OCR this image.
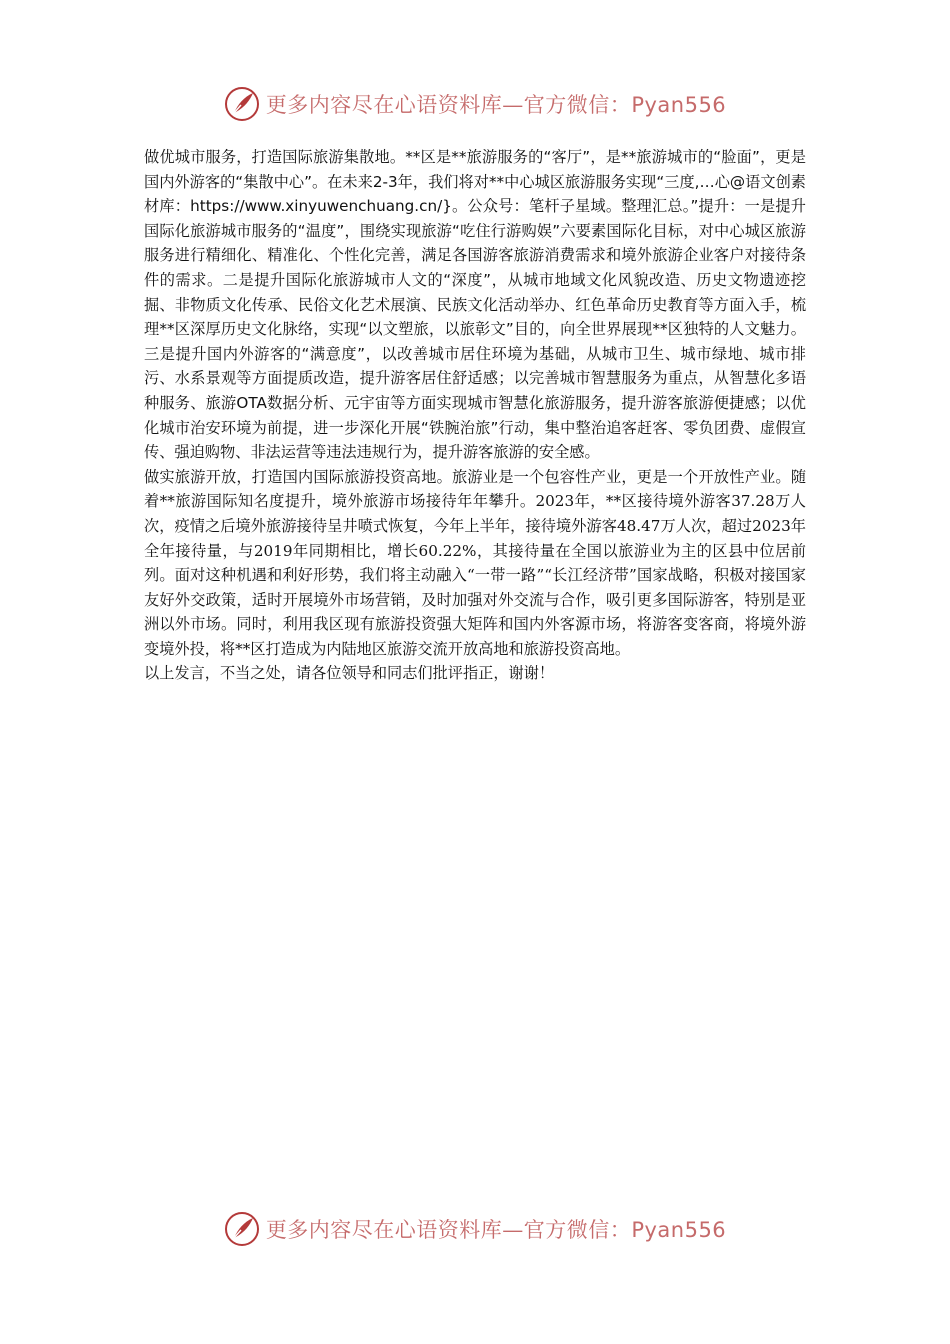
更多内容尽在心语资料库—官方微信：Pyan556

做优城市服务，打造国际旅游集散地。**区是**旅游服务的“客厅”，是**旅游城市的“脸面”，更是国内外游客的“集散中心”。在未来2-3年，我们将对**中心城区旅游服务实现“三度,…心@语文创素材库：https://www.xinyuwenchuang.cn/}。公众号：笔杆子星域。整理汇总。”提升：一是提升国际化旅游城市服务的“温度”，围绕实现旅游“吃住行游购娱”六要素国际化目标，对中心城区旅游服务进行精细化、精准化、个性化完善，满足各国游客旅游消费需求和境外旅游企业客户对接待条件的需求。二是提升国际化旅游城市人文的“深度”，从城市地域文化风貌改造、历史文物遗迹挖掘、非物质文化传承、民俗文化艺术展演、民族文化活动举办、红色革命历史教育等方面入手，梳理**区深厚历史文化脉络，实现“以文塑旅，以旅彰文”目的，向全世界展现**区独特的人文魅力。三是提升国内外游客的“满意度”，以改善城市居住环境为基础，从城市卫生、城市绿地、城市排污、水系景观等方面提质改造，提升游客居住舒适感；以完善城市智慧服务为重点，从智慧化多语种服务、旅游OTA数据分析、元宇宙等方面实现城市智慧化旅游服务，提升游客旅游便捷感；以优化城市治安环境为前提，进一步深化开展“铁腕治旅”行动，集中整治追客赶客、零负团费、虚假宣传、强迫购物、非法运营等违法违规行为，提升游客旅游的安全感。

做实旅游开放，打造国内国际旅游投资高地。旅游业是一个包容性产业，更是一个开放性产业。随着**旅游国际知名度提升，境外旅游市场接待年年攀升。2023年，**区接待境外游客37.28万人次，疫情之后境外旅游接待呈井喷式恢复，今年上半年，接待境外游客48.47万人次，超过2023年全年接待量，与2019年同期相比，增长60.22%，其接待量在全国以旅游业为主的区县中位居前列。面对这种机遇和利好形势，我们将主动融入“一带一路”“长江经济带”国家战略，积极对接国家友好外交政策，适时开展境外市场营销，及时加强对外交流与合作，吸引更多国际游客，特别是亚洲以外市场。同时，利用我区现有旅游投资强大矩阵和国内外客源市场，将游客变客商，将境外游变境外投，将**区打造成为内陆地区旅游交流开放高地和旅游投资高地。

以上发言，不当之处，请各位领导和同志们批评指正，谢谢！

更多内容尽在心语资料库—官方微信：Pyan556
